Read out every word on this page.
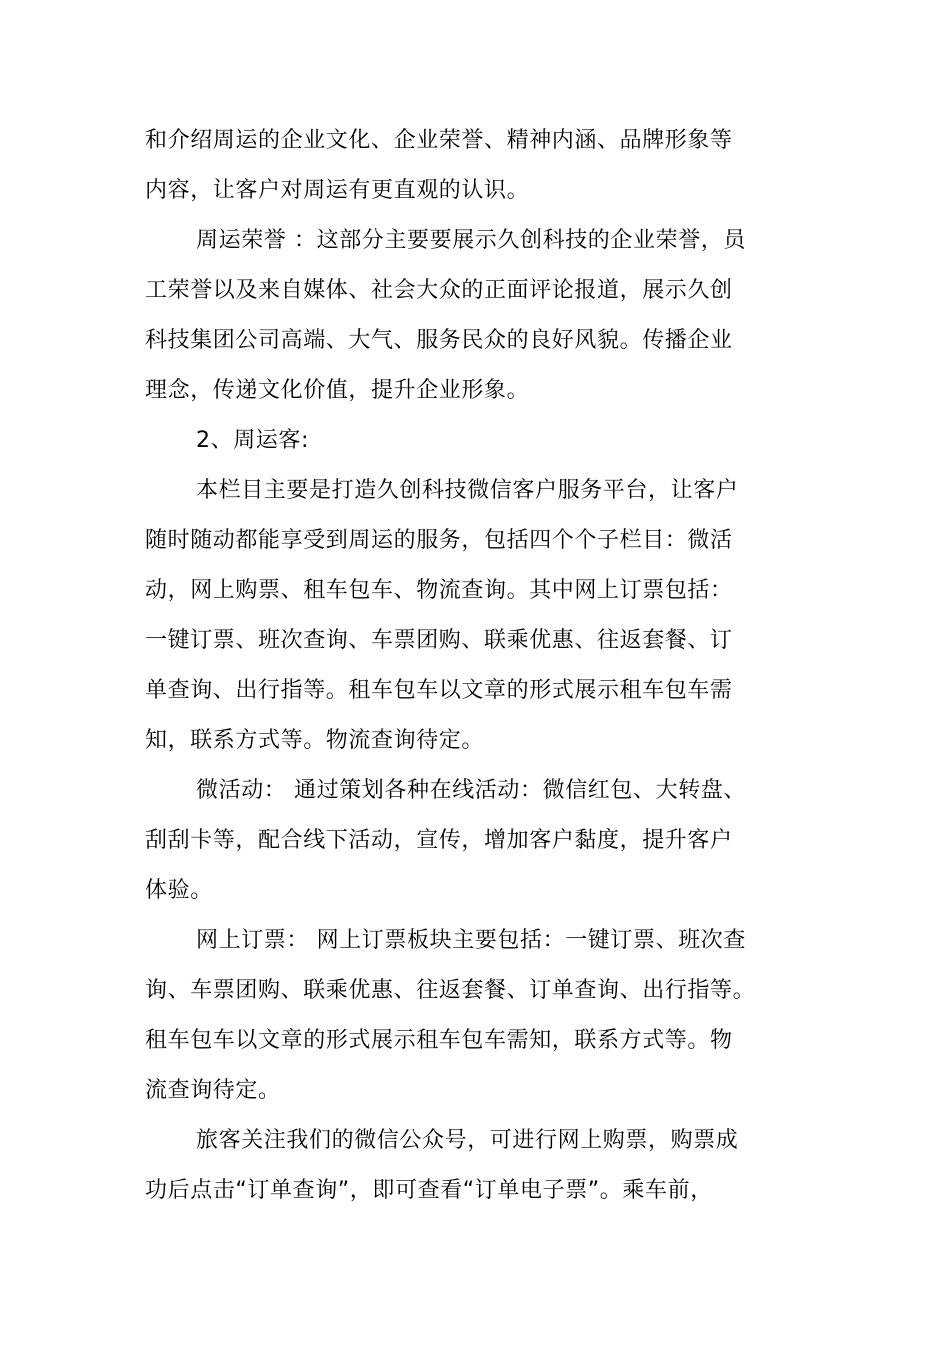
和介绍周运的企业文化、企业荣誉、精神内涵、品牌形象等
内容，让客户对周运有更直观的认识。
周运荣誉 ：这部分主要要展示久创科技的企业荣誉，员
工荣誉以及来自媒体、社会大众的正面评论报道，展示久创
科技集团公司高端、大气、服务民众的良好风貌。传播企业
理念，传递文化价值，提升企业形象。
2、周运客:
本栏目主要是打造久创科技微信客户服务平台，让客户
随时随动都能享受到周运的服务，包括四个个子栏目：微活
动，网上购票、租车包车、物流查询。其中网上订票包括：
一键订票、班次查询、车票团购、联乘优惠、往返套餐、订
单查询、出行指等。租车包车以文章的形式展示租车包车需
知，联系方式等。物流查询待定。
微活动： 通过策划各种在线活动：微信红包、大转盘、
刮刮卡等，配合线下活动，宣传，增加客户黏度，提升客户
体验。
网上订票： 网上订票板块主要包括：一键订票、班次查
询、车票团购、联乘优惠、往返套餐、订单查询、出行指等。
租车包车以文章的形式展示租车包车需知，联系方式等。物
流查询待定。
旅客关注我们的微信公众号，可进行网上购票，购票成
功后点击“订单查询”，即可查看“订单电子票”。乘车前，
